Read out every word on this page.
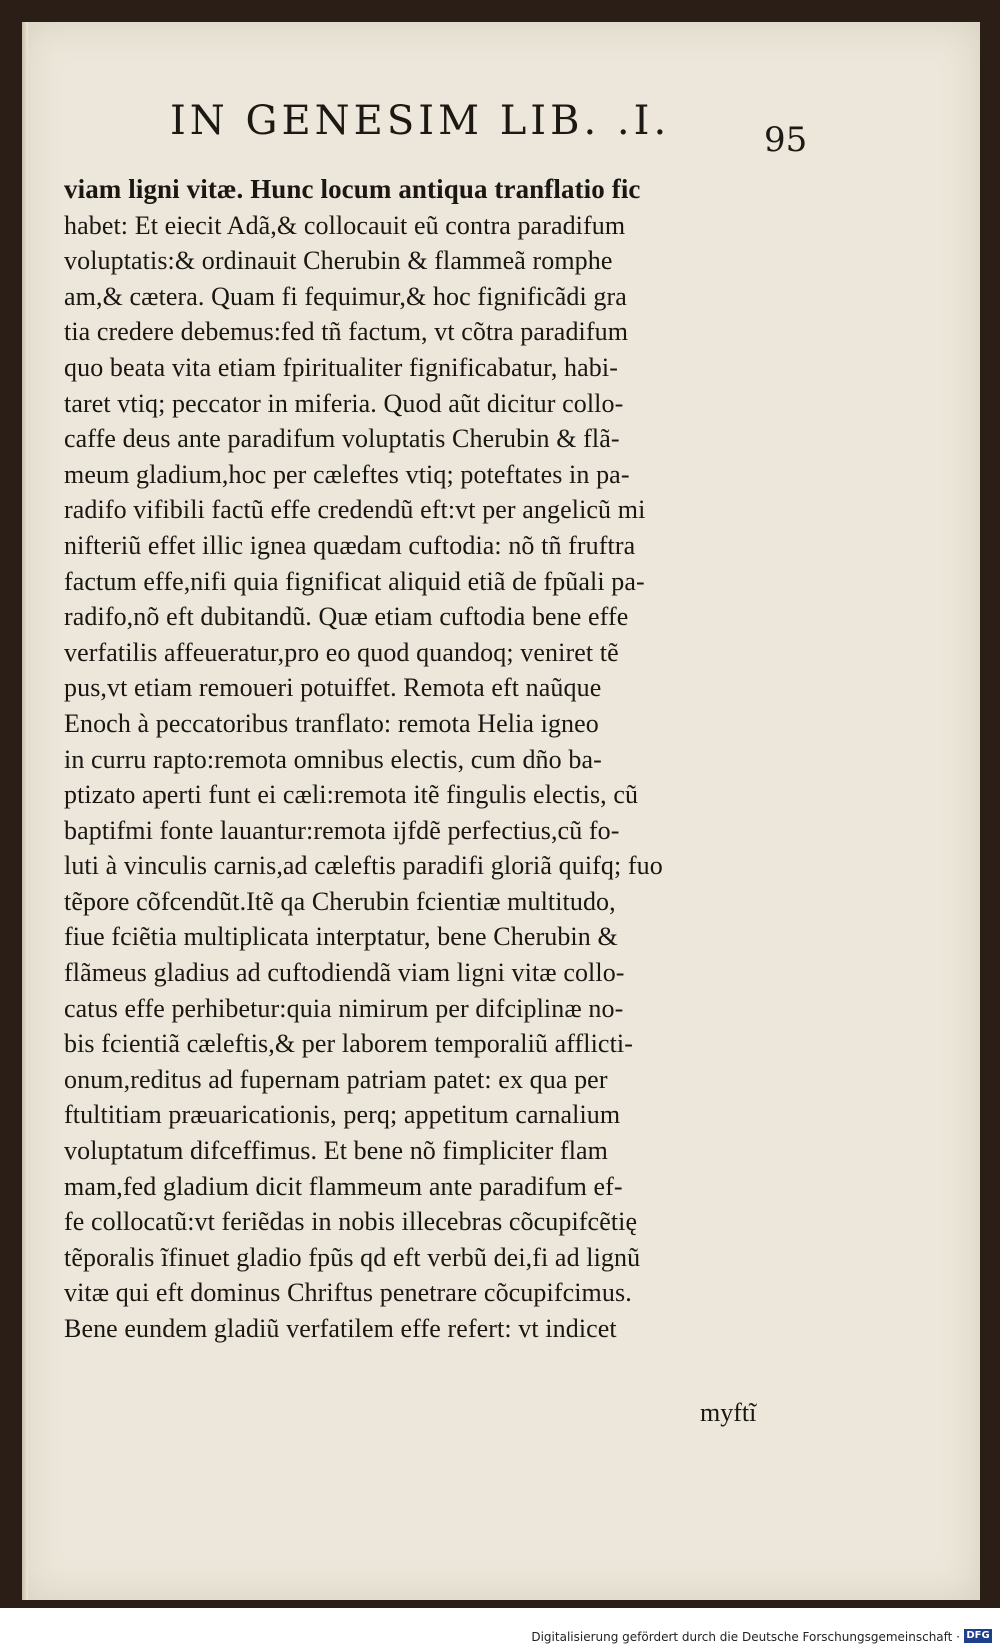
IN GENESIM LIB. .I.	95
viam ligni vitæ. Hunc locum antiqua tranflatio fic
habet: Et eiecit Adã,& collocauit eũ contra paradifum
voluptatis:& ordinauit Cherubin & flammeã romphe
am,& cætera. Quam fi fequimur,& hoc fignificãdi gra
tia credere debemus:fed tñ factum, vt cõtra paradifum
quo beata vita etiam fpiritualiter fignificabatur, habi-
taret vtiq; peccator in miferia. Quod aũt dicitur collo-
caffe deus ante paradifum voluptatis Cherubin & flã-
meum gladium,hoc per cæleftes vtiq; poteftates in pa-
radifo vifibili factũ effe credendũ eft:vt per angelicũ mi
nifteriũ effet illic ignea quædam cuftodia: nõ tñ fruftra
factum effe,nifi quia fignificat aliquid etiã de fpũali pa-
radifo,nõ eft dubitandũ. Quæ etiam cuftodia bene effe
verfatilis affeueratur,pro eo quod quandoq; veniret tẽ
pus,vt etiam remoueri potuiffet. Remota eft naũque
Enoch à peccatoribus tranflato: remota Helia igneo
in curru rapto:remota omnibus electis, cum dño ba-
ptizato aperti funt ei cæli:remota itẽ fingulis electis, cũ
baptifmi fonte lauantur:remota ijfdẽ perfectius,cũ fo-
luti à vinculis carnis,ad cæleftis paradifi gloriã quifq; fuo
tẽpore cõfcendũt.Itẽ qa Cherubin fcientiæ multitudo,
fiue fciẽtia multiplicata interptatur, bene Cherubin &
flãmeus gladius ad cuftodiendã viam ligni vitæ collo-
catus effe perhibetur:quia nimirum per difciplinæ no-
bis fcientiã cæleftis,& per laborem temporaliũ afflicti-
onum,reditus ad fupernam patriam patet: ex qua per
ftultitiam præuaricationis, perq; appetitum carnalium
voluptatum difceffimus. Et bene nõ fimpliciter flam
mam,fed gladium dicit flammeum ante paradifum ef-
fe collocatũ:vt feriẽdas in nobis illecebras cõcupifcẽtię
tẽporalis ĩfinuet gladio fpũs qd eft verbũ dei,fi ad lignũ
vitæ qui eft dominus Chriftus penetrare cõcupifcimus.
Bene eundem gladiũ verfatilem effe refert: vt indicet
myftĩ
Digitalisierung gefördert durch die Deutsche Forschungsgemeinschaft · DFG
